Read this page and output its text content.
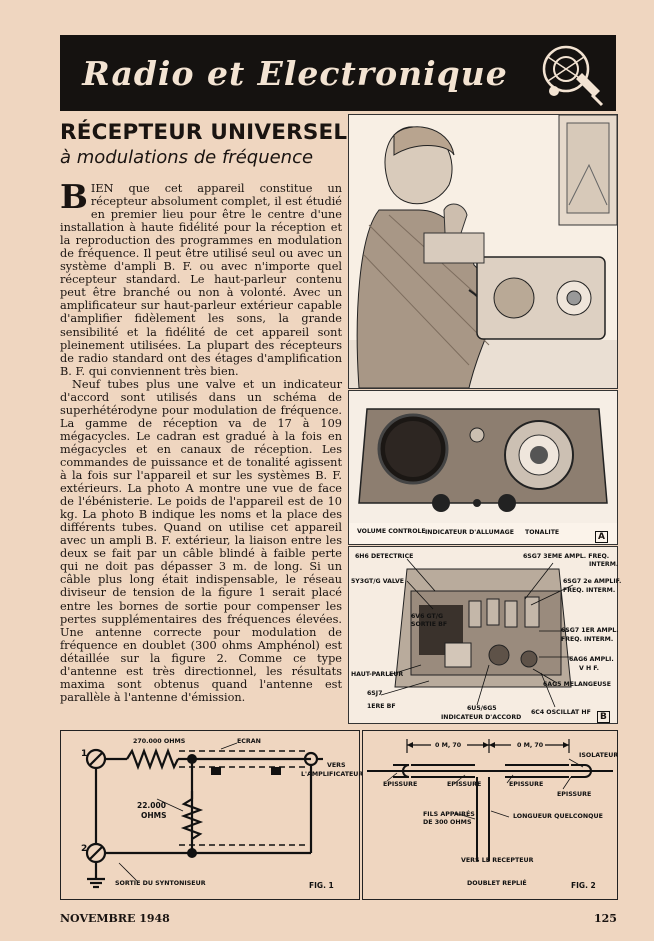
Radio et Electronique
RÉCEPTEUR UNIVERSEL
à modulations de fréquence

BIEN que cet appareil constitue un récepteur absolument complet, il est étudié en premier lieu pour être le centre d'une installation à haute fidélité pour la réception et la reproduction des programmes en modulation de fréquence. Il peut être utilisé seul ou avec un système d'ampli B. F. ou avec n'importe quel récepteur standard. Le haut-parleur contenu peut être branché ou non à volonté. Avec un amplificateur sur haut-parleur extérieur capable d'amplifier fidèlement les sons, la grande sensibilité et la fidélité de cet appareil sont pleinement utilisées. La plupart des récepteurs de radio standard ont des étages d'amplification B. F. qui conviennent très bien.

Neuf tubes plus une valve et un indicateur d'accord sont utilisés dans un schéma de superhétérodyne pour modulation de fréquence. La gamme de réception va de 17 à 109 mégacycles. Le cadran est gradué à la fois en mégacycles et en canaux de réception. Les commandes de puissance et de tonalité agissent à la fois sur l'appareil et sur les systèmes B. F. extérieurs. La photo A montre une vue de face de l'ébénisterie. Le poids de l'appareil est de 10 kg. La photo B indique les noms et la place des différents tubes. Quand on utilise cet appareil avec un ampli B. F. extérieur, la liaison entre les deux se fait par un câble blindé à faible perte qui ne doit pas dépasser 3 m. de long. Si un câble plus long était indispensable, le réseau diviseur de tension de la figure 1 serait placé entre les bornes de sortie pour compenser les pertes supplémentaires des fréquences élevées. Une antenne correcte pour modulation de fréquence en doublet (300 ohms Amphénol) est détaillée sur la figure 2. Comme ce type d'antenne est très directionnel, les résultats maxima sont obtenus quand l'antenne est parallèle à l'antenne d'émission.

VOLUME CONTROLE INDICATEUR D'ALLUMAGE TONALITE	A
6H6 DETECTRICE
5Y3GT/G VALVE
6V6 GT/G
SORTIE BF
HAUT-PARLEUR
6SJ7
1ERE BF
6SG7 3EME AMPL. FREQ.
INTERM.
6SG7 2e AMPLIF.
FREQ. INTERM.
6SG7 1ER AMPL.
FREQ. INTERM.
6AG6 AMPLI.
V H F.
6AG5 MELANGEUSE
6U5/6G5
INDICATEUR D'ACCORD
6C4 OSCILLAT HF	B
270.000 OHMS	ECRAN
VERS
L'AMPLIFICATEUR
22.000
OHMS
1
2
SORTIE DU SYNTONISEUR	FIG. 1
0 M, 70	0 M, 70
ISOLATEUR
EPISSURE	EPISSURE	EPISSURE
EPISSURE
FILS APPAIRÉS
DE 300 OHMS
LONGUEUR QUELCONQUE
VERS LE RECEPTEUR
DOUBLET REPLIÉ	FIG. 2
NOVEMBRE 1948	125
